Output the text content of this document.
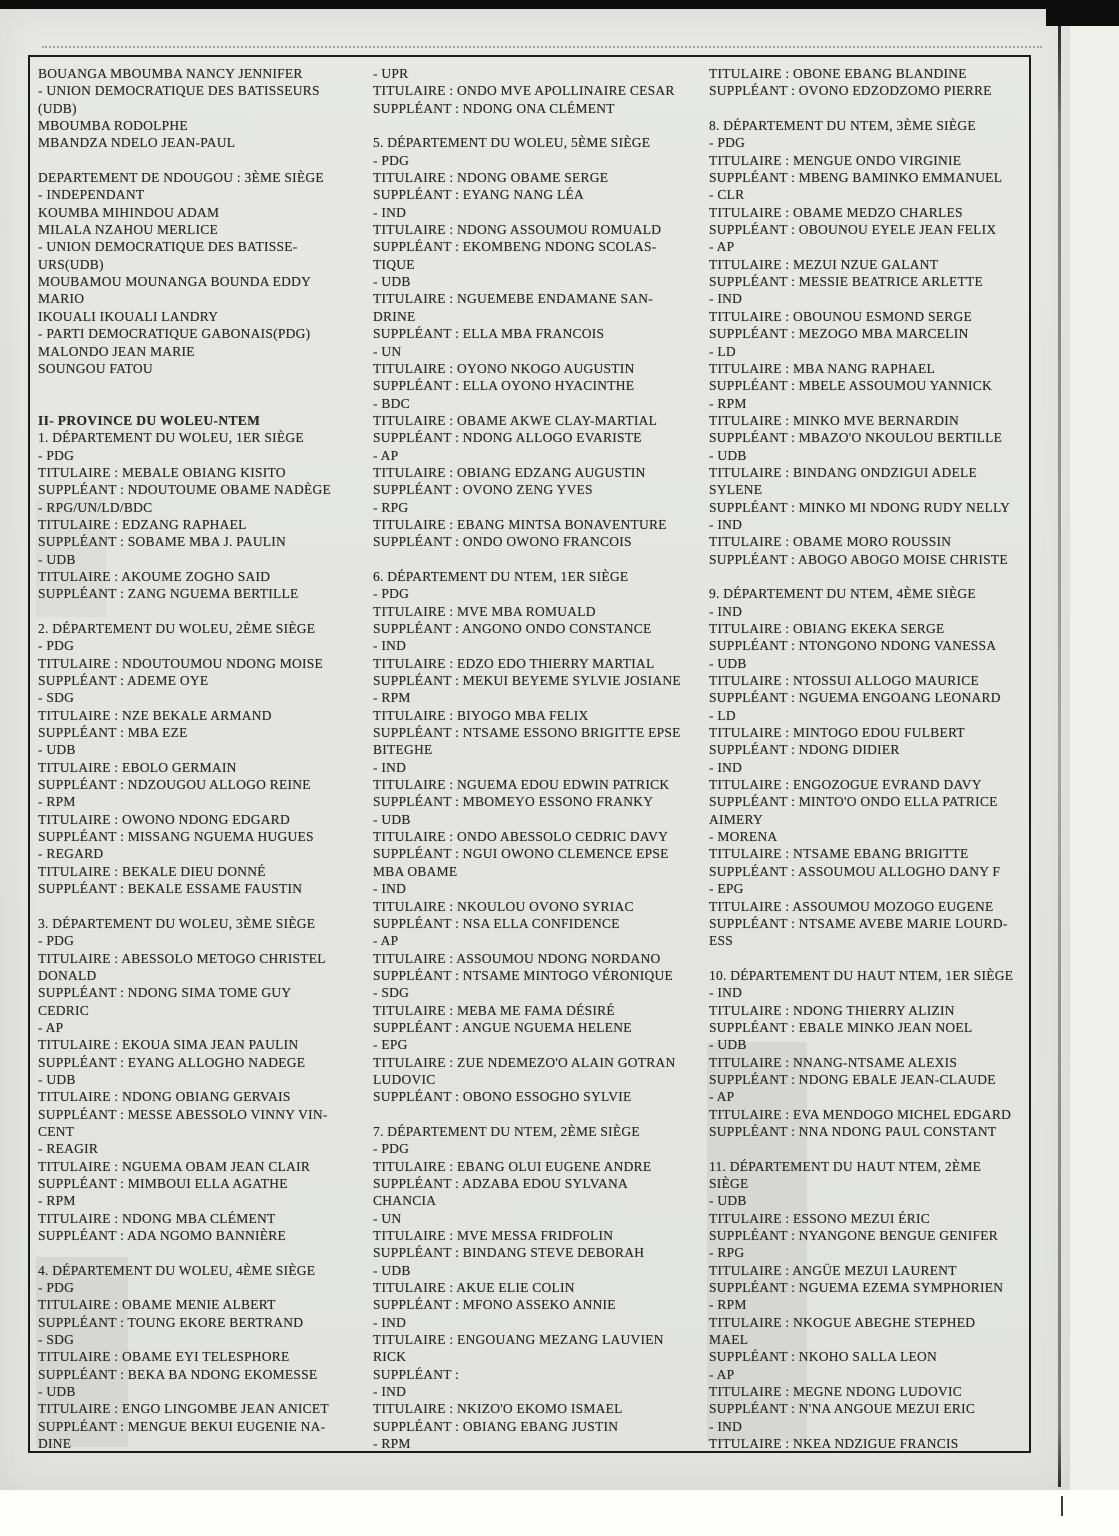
BOUANGA MBOUMBA NANCY JENNIFER
- UNION DEMOCRATIQUE DES BATISSEURS
(UDB)
MBOUMBA RODOLPHE
MBANDZA NDELO JEAN-PAUL
DEPARTEMENT DE NDOUGOU : 3ÈME SIÈGE
- INDEPENDANT
KOUMBA MIHINDOU ADAM
MILALA NZAHOU MERLICE
- UNION DEMOCRATIQUE DES BATISSE-
URS(UDB)
MOUBAMOU MOUNANGA BOUNDA EDDY
MARIO
IKOUALI IKOUALI LANDRY
- PARTI DEMOCRATIQUE GABONAIS(PDG)
MALONDO JEAN MARIE
SOUNGOU FATOU
II- PROVINCE DU WOLEU-NTEM
1. DÉPARTEMENT DU WOLEU, 1ER SIÈGE
- PDG
TITULAIRE : MEBALE OBIANG KISITO
SUPPLÉANT : NDOUTOUME OBAME NADÈGE
- RPG/UN/LD/BDC
TITULAIRE : EDZANG RAPHAEL
SUPPLÉANT : SOBAME MBA J. PAULIN
- UDB
TITULAIRE : AKOUME ZOGHO SAID
SUPPLÉANT : ZANG NGUEMA BERTILLE
2. DÉPARTEMENT DU WOLEU, 2ÈME SIÈGE
- PDG
TITULAIRE : NDOUTOUMOU NDONG MOISE
SUPPLÉANT : ADEME OYE
- SDG
TITULAIRE : NZE BEKALE ARMAND
SUPPLÉANT : MBA EZE
- UDB
TITULAIRE : EBOLO GERMAIN
SUPPLÉANT : NDZOUGOU ALLOGO REINE
- RPM
TITULAIRE : OWONO NDONG EDGARD
SUPPLÉANT : MISSANG NGUEMA HUGUES
- REGARD
TITULAIRE : BEKALE DIEU DONNÉ
SUPPLÉANT : BEKALE ESSAME FAUSTIN
3. DÉPARTEMENT DU WOLEU, 3ÈME SIÈGE
- PDG
TITULAIRE : ABESSOLO METOGO CHRISTEL
DONALD
SUPPLÉANT : NDONG SIMA TOME GUY
CEDRIC
- AP
TITULAIRE : EKOUA SIMA JEAN PAULIN
SUPPLÉANT : EYANG ALLOGHO NADEGE
- UDB
TITULAIRE : NDONG OBIANG GERVAIS
SUPPLÉANT : MESSE ABESSOLO VINNY VIN-
CENT
- REAGIR
TITULAIRE : NGUEMA OBAM JEAN CLAIR
SUPPLÉANT : MIMBOUI ELLA AGATHE
- RPM
TITULAIRE : NDONG MBA CLÉMENT
SUPPLÉANT : ADA NGOMO BANNIÈRE
4. DÉPARTEMENT DU WOLEU, 4ÈME SIÈGE
- PDG
TITULAIRE : OBAME MENIE ALBERT
SUPPLÉANT : TOUNG EKORE BERTRAND
- SDG
TITULAIRE : OBAME EYI TELESPHORE
SUPPLÉANT : BEKA BA NDONG EKOMESSE
- UDB
TITULAIRE : ENGO LINGOMBE JEAN ANICET
SUPPLÉANT : MENGUE BEKUI EUGENIE NA-
DINE
- UPR
TITULAIRE : ONDO MVE APOLLINAIRE CESAR
SUPPLÉANT : NDONG ONA CLÉMENT
5. DÉPARTEMENT DU WOLEU, 5ÈME SIÈGE
- PDG
TITULAIRE : NDONG OBAME SERGE
SUPPLÉANT : EYANG NANG LÉA
- IND
TITULAIRE : NDONG ASSOUMOU ROMUALD
SUPPLÉANT : EKOMBENG NDONG SCOLAS-
TIQUE
- UDB
TITULAIRE : NGUEMEBE ENDAMANE SAN-
DRINE
SUPPLÉANT : ELLA MBA FRANCOIS
- UN
TITULAIRE : OYONO NKOGO AUGUSTIN
SUPPLÉANT : ELLA OYONO HYACINTHE
- BDC
TITULAIRE : OBAME AKWE CLAY-MARTIAL
SUPPLÉANT : NDONG ALLOGO EVARISTE
- AP
TITULAIRE : OBIANG EDZANG AUGUSTIN
SUPPLÉANT : OVONO ZENG YVES
- RPG
TITULAIRE : EBANG MINTSA BONAVENTURE
SUPPLÉANT : ONDO OWONO FRANCOIS
6. DÉPARTEMENT DU NTEM, 1ER SIÈGE
- PDG
TITULAIRE : MVE MBA ROMUALD
SUPPLÉANT : ANGONO ONDO CONSTANCE
- IND
TITULAIRE : EDZO EDO THIERRY MARTIAL
SUPPLÉANT : MEKUI BEYEME SYLVIE JOSIANE
- RPM
TITULAIRE : BIYOGO MBA FELIX
SUPPLÉANT : NTSAME ESSONO BRIGITTE EPSE
BITEGHE
- IND
TITULAIRE : NGUEMA EDOU EDWIN PATRICK
SUPPLÉANT : MBOMEYO ESSONO FRANKY
- UDB
TITULAIRE : ONDO ABESSOLO CEDRIC DAVY
SUPPLÉANT : NGUI OWONO CLEMENCE EPSE
MBA OBAME
- IND
TITULAIRE : NKOULOU OVONO SYRIAC
SUPPLÉANT : NSA ELLA CONFIDENCE
- AP
TITULAIRE : ASSOUMOU NDONG NORDANO
SUPPLÉANT : NTSAME MINTOGO VÉRONIQUE
- SDG
TITULAIRE : MEBA ME FAMA DÉSIRÉ
SUPPLÉANT : ANGUE NGUEMA HELENE
- EPG
TITULAIRE : ZUE NDEMEZO'O ALAIN GOTRAN
LUDOVIC
SUPPLÉANT : OBONO ESSOGHO SYLVIE
7. DÉPARTEMENT DU NTEM, 2ÈME SIÈGE
- PDG
TITULAIRE : EBANG OLUI EUGENE ANDRE
SUPPLÉANT : ADZABA EDOU SYLVANA
CHANCIA
- UN
TITULAIRE : MVE MESSA FRIDFOLIN
SUPPLÉANT : BINDANG STEVE DEBORAH
- UDB
TITULAIRE : AKUE ELIE COLIN
SUPPLÉANT : MFONO ASSEKO ANNIE
- IND
TITULAIRE : ENGOUANG MEZANG LAUVIEN
RICK
SUPPLÉANT :
- IND
TITULAIRE : NKIZO'O EKOMO ISMAEL
SUPPLÉANT : OBIANG EBANG JUSTIN
- RPM
TITULAIRE : OBONE EBANG BLANDINE
SUPPLÉANT : OVONO EDZODZOMO PIERRE
8. DÉPARTEMENT DU NTEM, 3ÈME SIÈGE
- PDG
TITULAIRE : MENGUE ONDO VIRGINIE
SUPPLÉANT : MBENG BAMINKO EMMANUEL
- CLR
TITULAIRE : OBAME MEDZO CHARLES
SUPPLÉANT : OBOUNOU EYELE JEAN FELIX
- AP
TITULAIRE : MEZUI NZUE GALANT
SUPPLÉANT : MESSIE BEATRICE ARLETTE
- IND
TITULAIRE : OBOUNOU ESMOND SERGE
SUPPLÉANT : MEZOGO MBA MARCELIN
- LD
TITULAIRE : MBA NANG RAPHAEL
SUPPLÉANT : MBELE ASSOUMOU YANNICK
- RPM
TITULAIRE : MINKO MVE BERNARDIN
SUPPLÉANT : MBAZO'O NKOULOU BERTILLE
- UDB
TITULAIRE : BINDANG ONDZIGUI ADELE
SYLENE
SUPPLÉANT : MINKO MI NDONG RUDY NELLY
- IND
TITULAIRE : OBAME MORO ROUSSIN
SUPPLÉANT : ABOGO ABOGO MOISE CHRISTE
9. DÉPARTEMENT DU NTEM, 4ÈME SIÈGE
- IND
TITULAIRE : OBIANG EKEKA SERGE
SUPPLÉANT : NTONGONO NDONG VANESSA
- UDB
TITULAIRE : NTOSSUI ALLOGO MAURICE
SUPPLÉANT : NGUEMA ENGOANG LEONARD
- LD
TITULAIRE : MINTOGO EDOU FULBERT
SUPPLÉANT : NDONG DIDIER
- IND
TITULAIRE : ENGOZOGUE EVRAND DAVY
SUPPLÉANT : MINTO'O ONDO ELLA PATRICE
AIMERY
- MORENA
TITULAIRE : NTSAME EBANG BRIGITTE
SUPPLÉANT : ASSOUMOU ALLOGHO DANY F
- EPG
TITULAIRE : ASSOUMOU MOZOGO EUGENE
SUPPLÉANT : NTSAME AVEBE MARIE LOURD-
ESS
10. DÉPARTEMENT DU HAUT NTEM, 1ER SIÈGE
- IND
TITULAIRE : NDONG THIERRY ALIZIN
SUPPLÉANT : EBALE MINKO JEAN NOEL
- UDB
TITULAIRE : NNANG-NTSAME ALEXIS
SUPPLÉANT : NDONG EBALE JEAN-CLAUDE
- AP
TITULAIRE : EVA MENDOGO MICHEL EDGARD
SUPPLÉANT : NNA NDONG PAUL CONSTANT
11. DÉPARTEMENT DU HAUT NTEM, 2ÈME
SIÈGE
- UDB
TITULAIRE : ESSONO MEZUI ÉRIC
SUPPLÉANT : NYANGONE BENGUE GENIFER
- RPG
TITULAIRE : ANGÜE MEZUI LAURENT
SUPPLÉANT : NGUEMA EZEMA SYMPHORIEN
- RPM
TITULAIRE : NKOGUE ABEGHE STEPHED
MAEL
SUPPLÉANT : NKOHO SALLA LEON
- AP
TITULAIRE : MEGNE NDONG LUDOVIC
SUPPLÉANT : N'NA ANGOUE MEZUI ERIC
- IND
TITULAIRE : NKEA NDZIGUE FRANCIS
